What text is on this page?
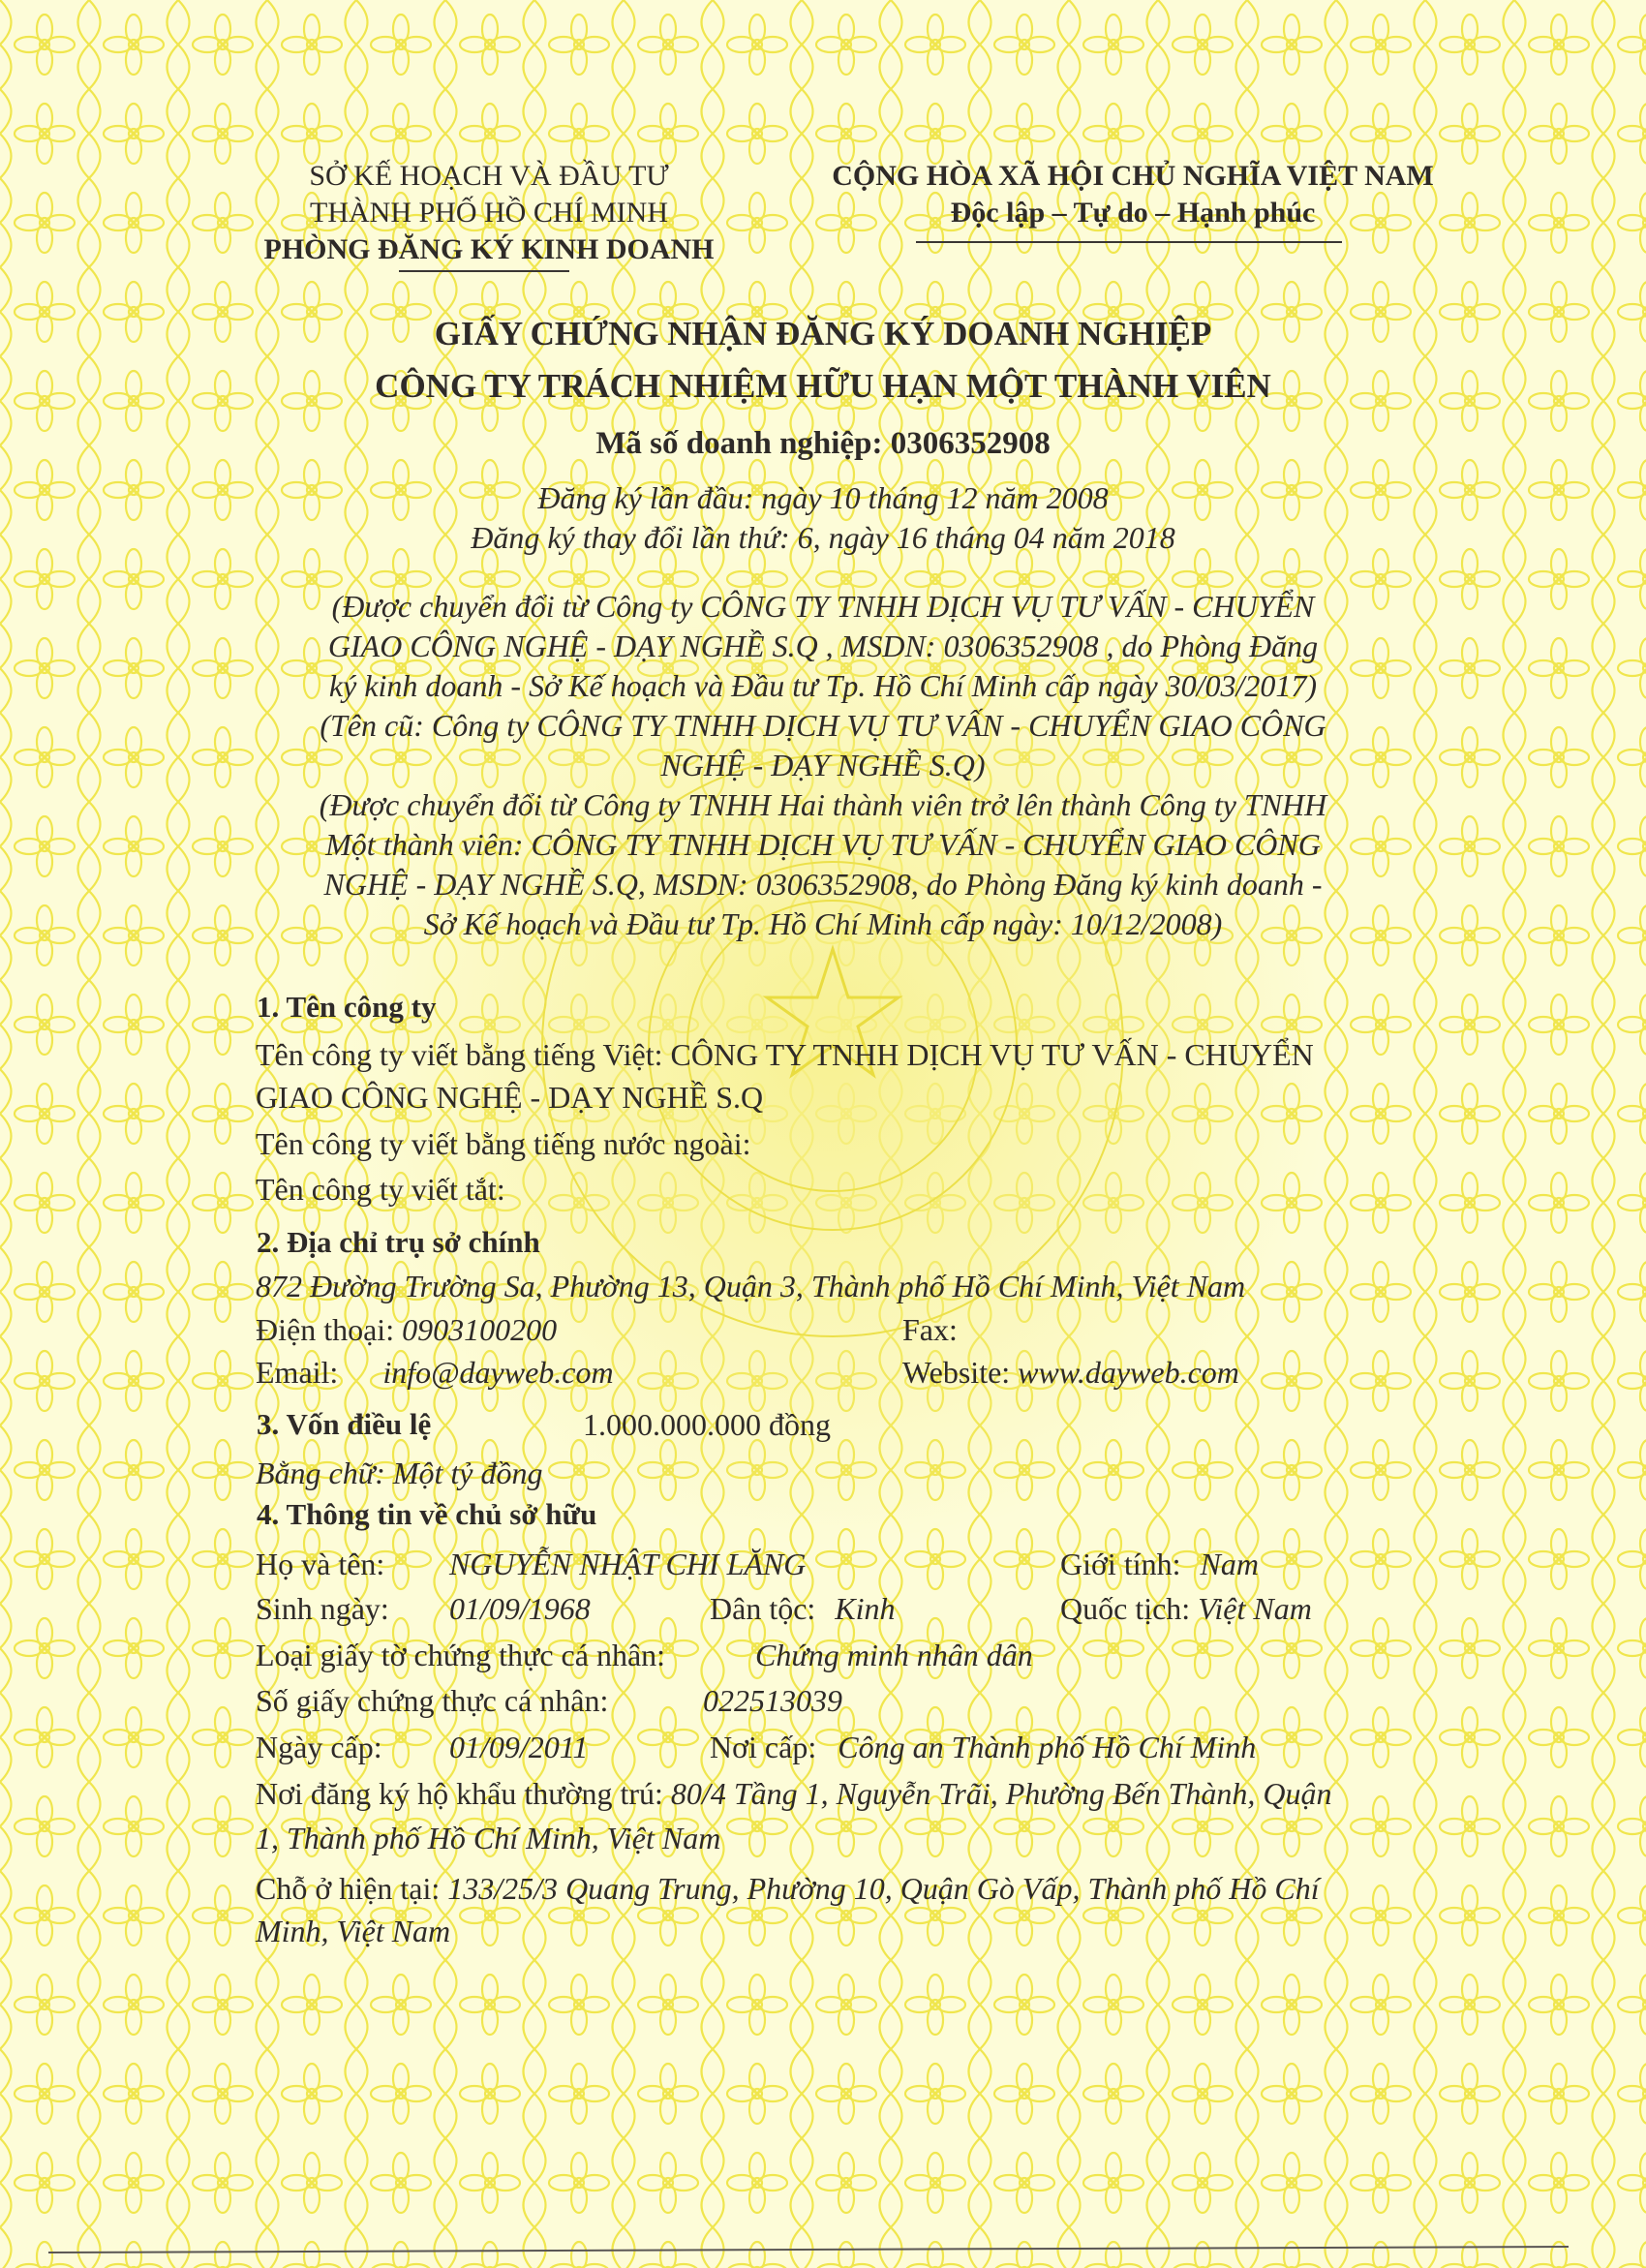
SỞ KẾ HOẠCH VÀ ĐẦU TƯ
THÀNH PHỐ HỒ CHÍ MINH
PHÒNG ĐĂNG KÝ KINH DOANH
CỘNG HÒA XÃ HỘI CHỦ NGHĨA VIỆT NAM
Độc lập – Tự do – Hạnh phúc
GIẤY CHỨNG NHẬN ĐĂNG KÝ DOANH NGHIỆP
CÔNG TY TRÁCH NHIỆM HỮU HẠN MỘT THÀNH VIÊN
Mã số doanh nghiệp: 0306352908
Đăng ký lần đầu: ngày 10 tháng 12 năm 2008
Đăng ký thay đổi lần thứ: 6, ngày 16 tháng 04 năm 2018
(Được chuyển đổi từ Công ty CÔNG TY TNHH DỊCH VỤ TƯ VẤN - CHUYỂN
GIAO CÔNG NGHỆ - DẠY NGHỀ S.Q , MSDN: 0306352908 , do Phòng Đăng
ký kinh doanh - Sở Kế hoạch và Đầu tư Tp. Hồ Chí Minh cấp ngày 30/03/2017)
(Tên cũ: Công ty CÔNG TY TNHH DỊCH VỤ TƯ VẤN - CHUYỂN GIAO CÔNG
NGHỆ - DẠY NGHỀ S.Q)
(Được chuyển đổi từ Công ty TNHH Hai thành viên trở lên thành Công ty TNHH
Một thành viên: CÔNG TY TNHH DỊCH VỤ TƯ VẤN - CHUYỂN GIAO CÔNG
NGHỆ - DẠY NGHỀ S.Q, MSDN: 0306352908, do Phòng Đăng ký kinh doanh -
Sở Kế hoạch và Đầu tư Tp. Hồ Chí Minh cấp ngày: 10/12/2008)
1. Tên công ty
Tên công ty viết bằng tiếng Việt: CÔNG TY TNHH DỊCH VỤ TƯ VẤN - CHUYỂN
GIAO CÔNG NGHỆ - DẠY NGHỀ S.Q
Tên công ty viết bằng tiếng nước ngoài:
Tên công ty viết tắt:
2. Địa chỉ trụ sở chính
872 Đường Trường Sa, Phường 13, Quận 3, Thành phố Hồ Chí Minh, Việt Nam
Điện thoại: 0903100200	Fax:
Email: info@dayweb.com	Website: www.dayweb.com
3. Vốn điều lệ	1.000.000.000 đồng
Bằng chữ: Một tỷ đồng
4. Thông tin về chủ sở hữu
Họ và tên: NGUYỄN NHẬT CHI LĂNG	Giới tính: Nam
Sinh ngày: 01/09/1968	Dân tộc: Kinh	Quốc tịch: Việt Nam
Loại giấy tờ chứng thực cá nhân:	Chứng minh nhân dân
Số giấy chứng thực cá nhân:	022513039
Ngày cấp: 01/09/2011	Nơi cấp: Công an Thành phố Hồ Chí Minh
Nơi đăng ký hộ khẩu thường trú: 80/4 Tầng 1, Nguyễn Trãi, Phường Bến Thành, Quận
1, Thành phố Hồ Chí Minh, Việt Nam
Chỗ ở hiện tại: 133/25/3 Quang Trung, Phường 10, Quận Gò Vấp, Thành phố Hồ Chí
Minh, Việt Nam
